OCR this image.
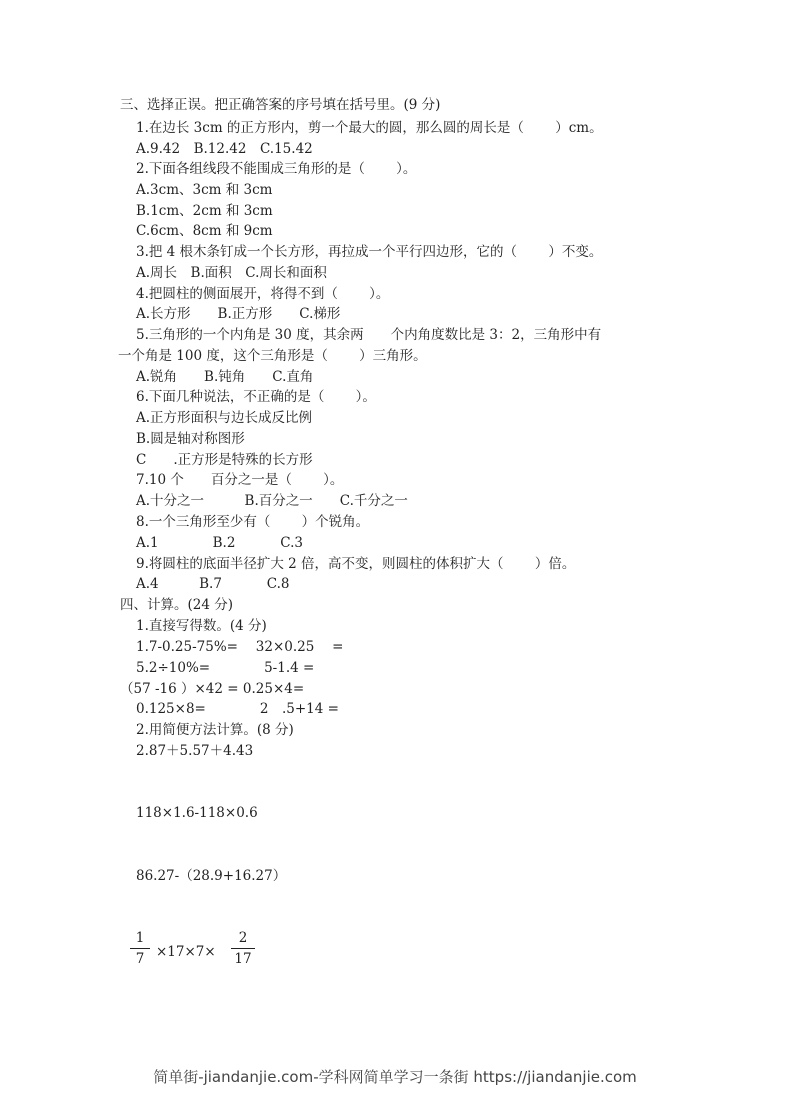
三、选择正误。把正确答案的序号填在括号里。(9 分)
1.在边长 3cm 的正方形内，剪一个最大的圆，那么圆的周长是（　　 ）cm。
A.9.42　B.12.42　C.15.42
2.下面各组线段不能围成三角形的是（　　 ）。
A.3cm、3cm 和 3cm
B.1cm、2cm 和 3cm
C.6cm、8cm 和 9cm
3.把 4 根木条钉成一个长方形，再拉成一个平行四边形，它的（　　 ）不变。
A.周长　B.面积　C.周长和面积
4.把圆柱的侧面展开，将得不到（　　 ）。
A.长方形　　B.正方形　　C.梯形
5.三角形的一个内角是 30 度，其余两　　个内角度数比是 3：2，三角形中有
一个角是 100 度，这个三角形是（　　 ）三角形。
A.锐角　　B.钝角　　C.直角
6.下面几种说法，不正确的是（　　 ）。
A.正方形面积与边长成反比例
B.圆是轴对称图形
C　　.正方形是特殊的长方形
7.10 个　　百分之一是（　　 ）。
A.十分之一　　　B.百分之一　　C.千分之一
8.一个三角形至少有（　　 ）个锐角。
A.1　　　　B.2　　　 C.3
9.将圆柱的底面半径扩大 2 倍，高不变，则圆柱的体积扩大（　　 ）倍。
A.4　　　B.7　　　 C.8
四、计算。(24 分)
1.直接写得数。(4 分)
1.7-0.25-75%=　 32×0.25　 =
5.2÷10%=　　　　5-1.4 =
（57 -16 ）×42 = 0.25×4=
0.125×8=　　　　2　.5+14 =
2.用简便方法计算。(8 分)
2.87＋5.57＋4.43
118×1.6-118×0.6
86.27-（28.9+16.27）
1
7 ×17×7×
2
17
简单街-jiandanjie.com-学科网简单学习一条街 https://jiandanjie.com
